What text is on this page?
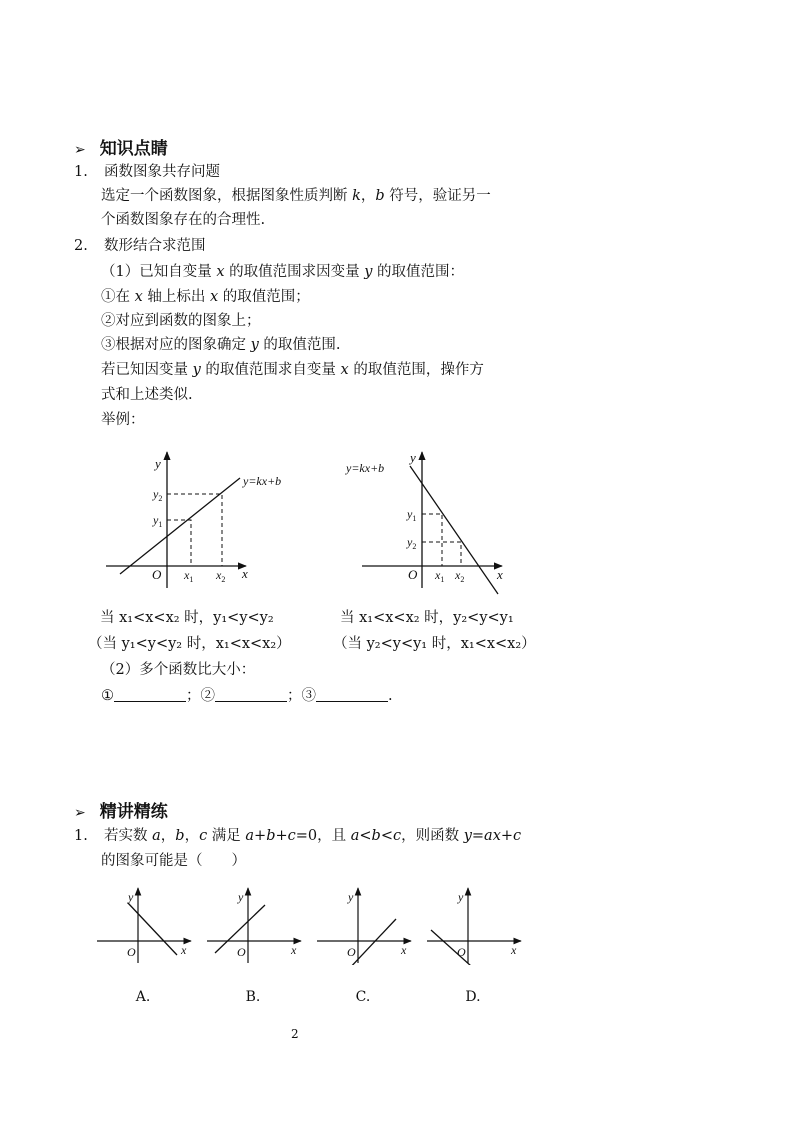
➢ 知识点睛
1. 函数图象共存问题
选定一个函数图象，根据图象性质判断 k，b 符号，验证另一
个函数图象存在的合理性.
2. 数形结合求范围
（1）已知自变量 x 的取值范围求因变量 y 的取值范围：
①在 x 轴上标出 x 的取值范围；
②对应到函数的图象上；
③根据对应的图象确定 y 的取值范围.
若已知因变量 y 的取值范围求自变量 x 的取值范围，操作方
式和上述类似.
举例：
y
x
O
$y_2$
$y_1$
$x_1$ $x_2$
y=kx+b
y
x
O
$y_1$
$y_2$
$x_1$ $x_2$
y=kx+b
当 x₁<x<x₂ 时，y₁<y<y₂
（当 y₁<y<y₂ 时，x₁<x<x₂）
当 x₁<x<x₂ 时，y₂<y<y₁
（当 y₂<y<y₁ 时，x₁<x<x₂）
（2）多个函数比大小：
①	；②	；③	.
➢ 精讲精练
1. 若实数 a，b，c 满足 a+b+c=0，且 a<b<c，则函数 y=ax+c
的图象可能是（　　）
y
x
O
y
x
O
y
x
O
y
x
O
A.	B.	C.	D.
2
